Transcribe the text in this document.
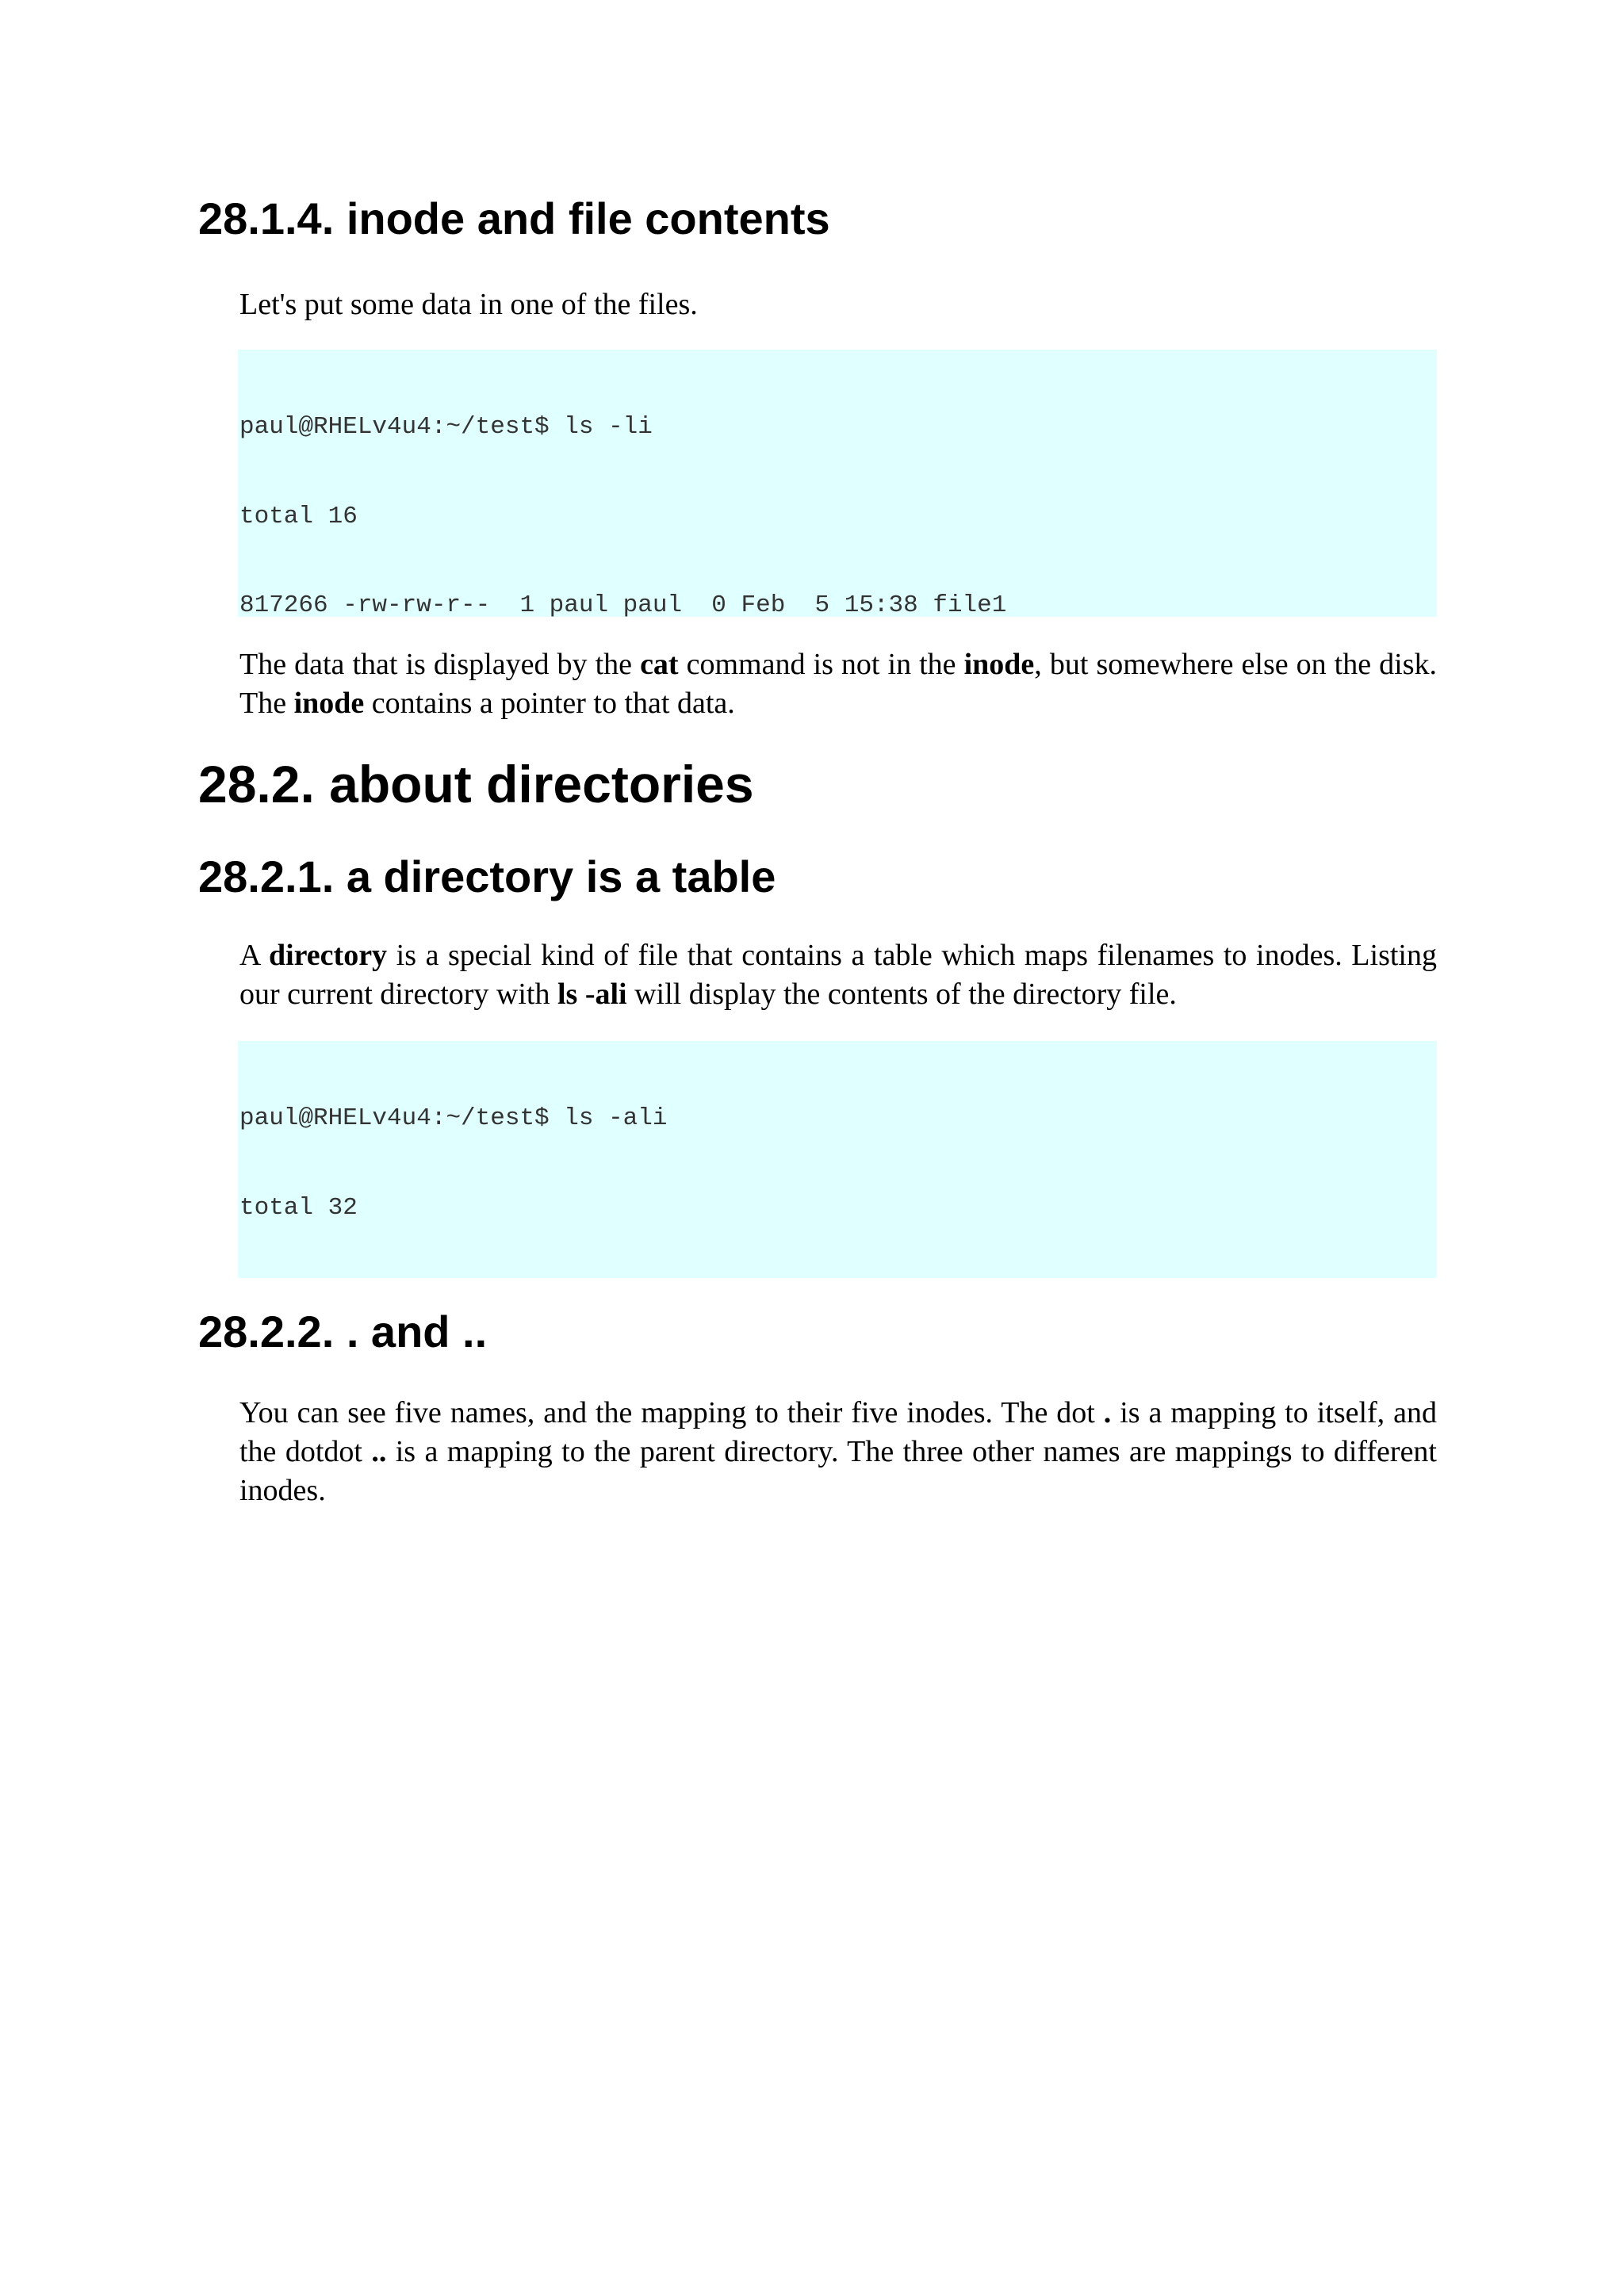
28.1.4. inode and file contents

Let's put some data in one of the files.

paul@RHELv4u4:~/test$ ls -li

total 16

817266 -rw-rw-r--  1 paul paul  0 Feb  5 15:38 file1

The data that is displayed by the cat command is not in the inode, but somewhere else on the disk. The inode contains a pointer to that data.

28.2. about directories
28.2.1. a directory is a table

A directory is a special kind of file that contains a table which maps filenames to inodes. Listing our current directory with ls -ali will display the contents of the directory file.

paul@RHELv4u4:~/test$ ls -ali

total 32

28.2.2. . and ..

You can see five names, and the mapping to their five inodes. The dot . is a mapping to itself, and the dotdot .. is a mapping to the parent directory. The three other names are mappings to different inodes.
